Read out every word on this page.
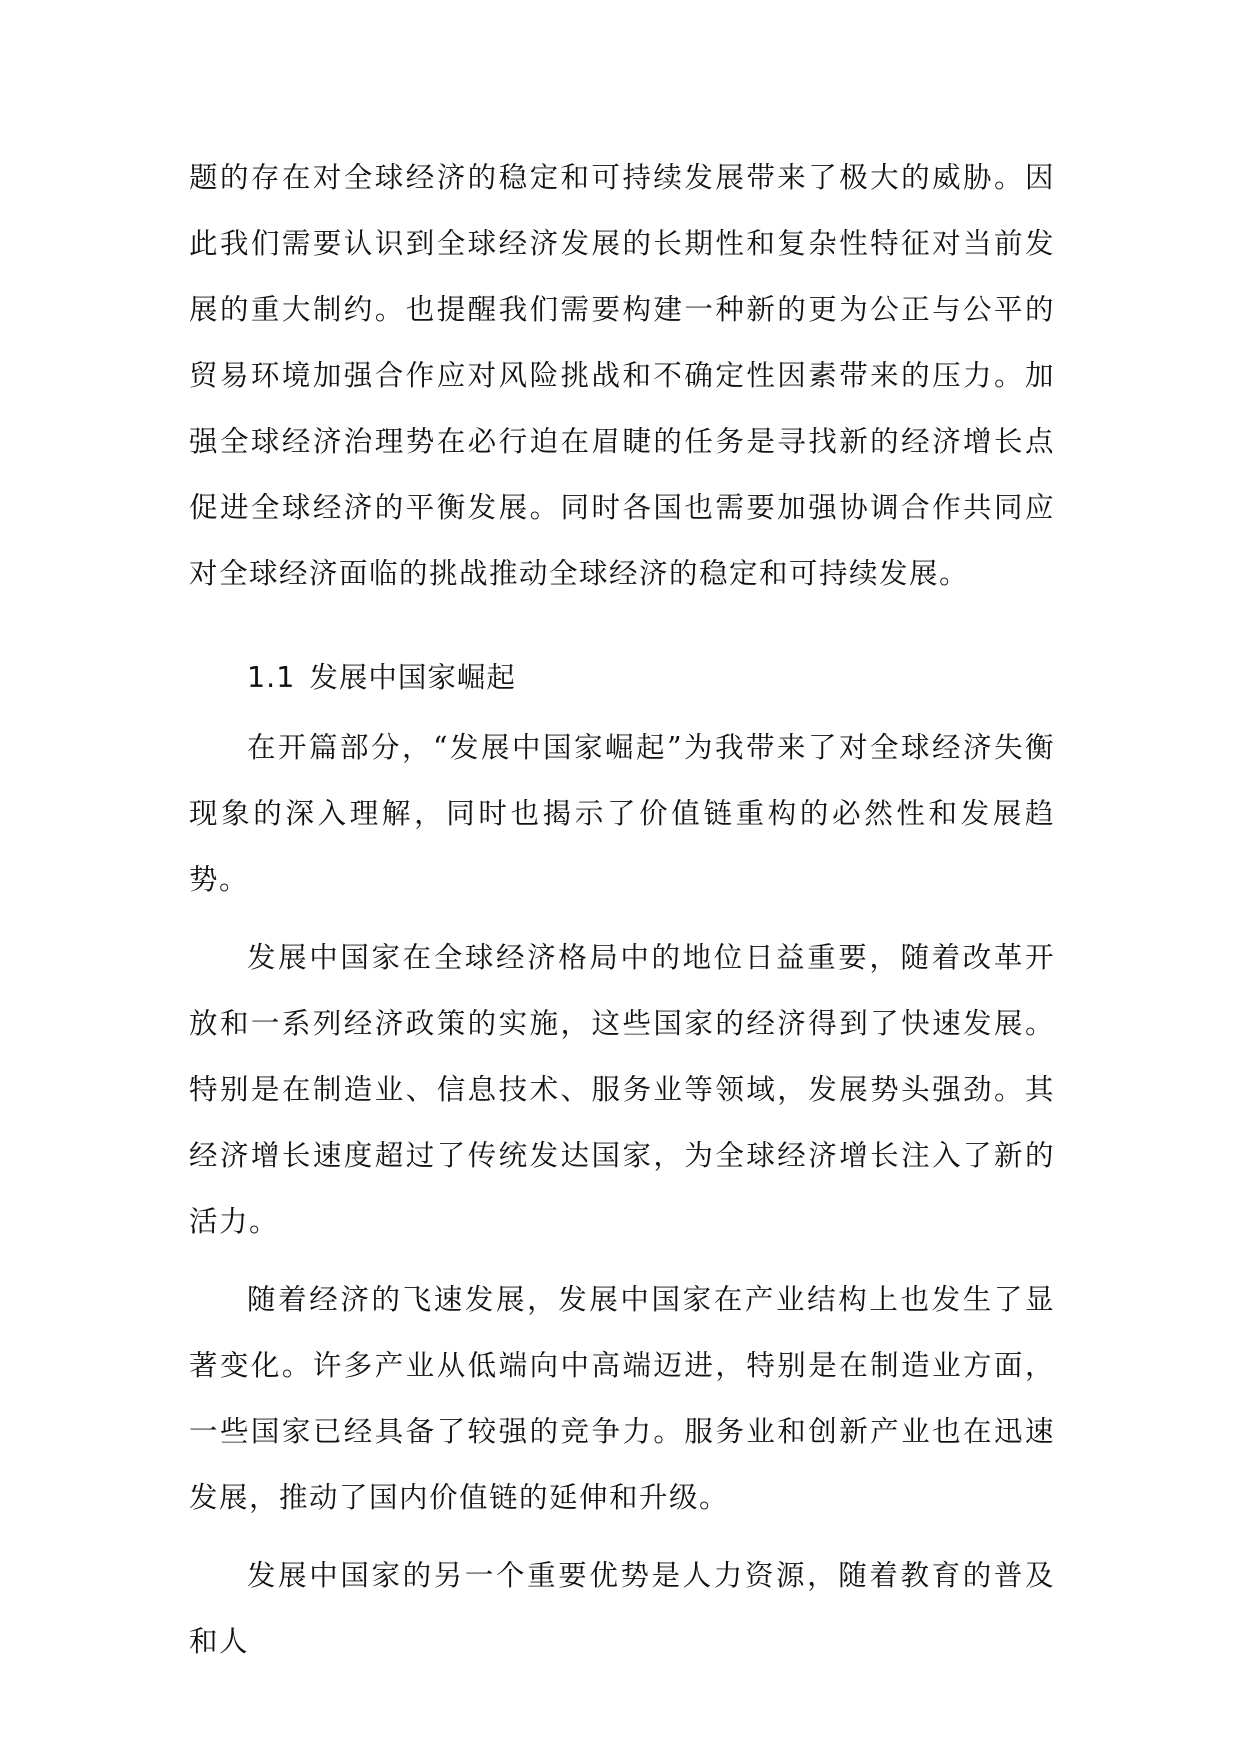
题的存在对全球经济的稳定和可持续发展带来了极大的威胁。因此我们需要认识到全球经济发展的长期性和复杂性特征对当前发展的重大制约。也提醒我们需要构建一种新的更为公正与公平的贸易环境加强合作应对风险挑战和不确定性因素带来的压力。加强全球经济治理势在必行迫在眉睫的任务是寻找新的经济增长点促进全球经济的平衡发展。同时各国也需要加强协调合作共同应对全球经济面临的挑战推动全球经济的稳定和可持续发展。

1.1 发展中国家崛起

在开篇部分，“发展中国家崛起”为我带来了对全球经济失衡现象的深入理解，同时也揭示了价值链重构的必然性和发展趋势。

发展中国家在全球经济格局中的地位日益重要，随着改革开放和一系列经济政策的实施，这些国家的经济得到了快速发展。特别是在制造业、信息技术、服务业等领域，发展势头强劲。其经济增长速度超过了传统发达国家，为全球经济增长注入了新的活力。

随着经济的飞速发展，发展中国家在产业结构上也发生了显著变化。许多产业从低端向中高端迈进，特别是在制造业方面，一些国家已经具备了较强的竞争力。服务业和创新产业也在迅速发展，推动了国内价值链的延伸和升级。

发展中国家的另一个重要优势是人力资源，随着教育的普及和人
